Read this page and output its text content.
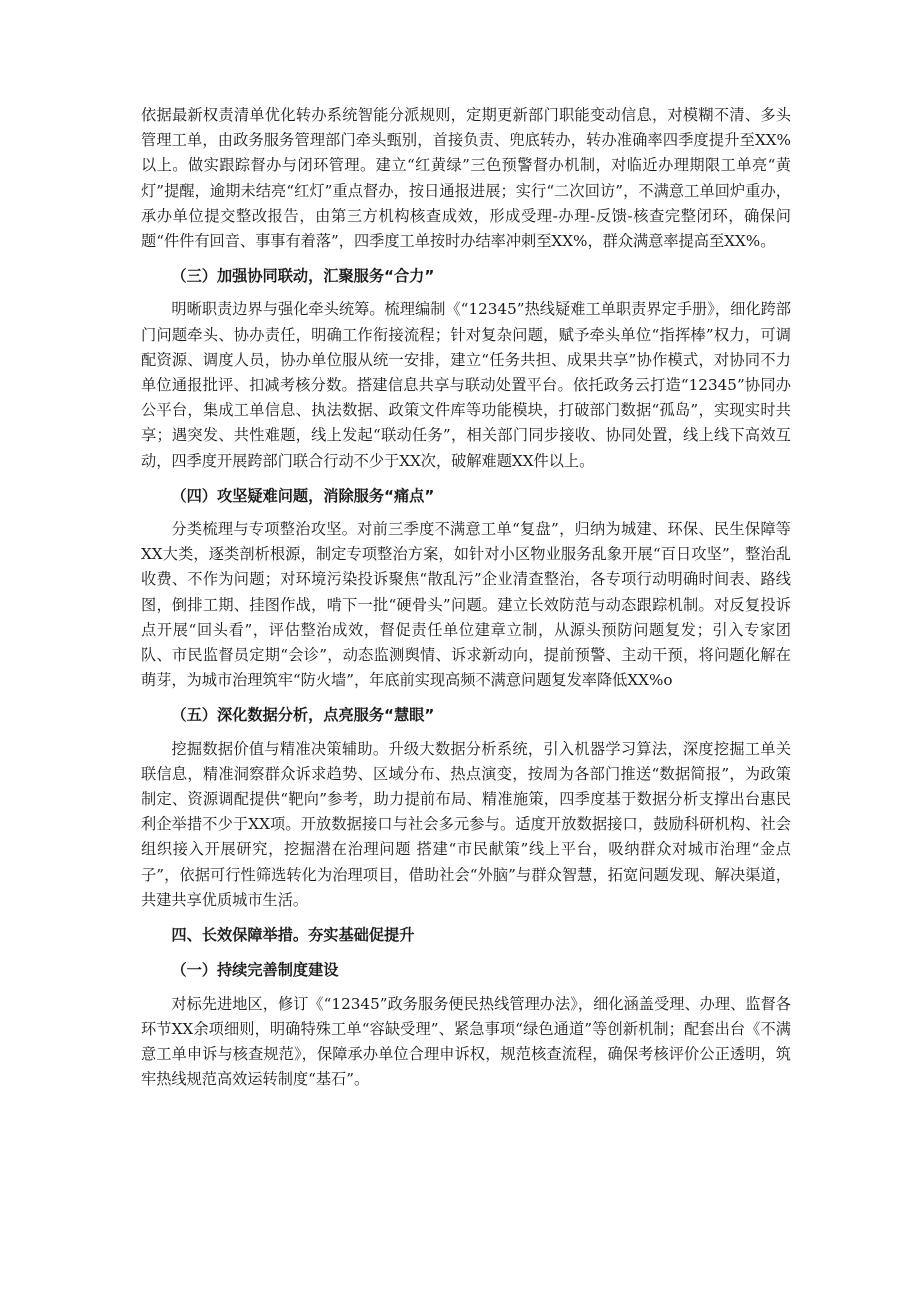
依据最新权责清单优化转办系统智能分派规则，定期更新部门职能变动信息，对模糊不清、多头管理工单，由政务服务管理部门牵头甄别，首接负责、兜底转办，转办准确率四季度提升至XX%以上。做实跟踪督办与闭环管理。建立“红黄绿”三色预警督办机制，对临近办理期限工单亮“黄灯”提醒，逾期未结亮“红灯”重点督办，按日通报进展；实行“二次回访”，不满意工单回炉重办，承办单位提交整改报告，由第三方机构核查成效，形成受理-办理-反馈-核查完整闭环，确保问题“件件有回音、事事有着落”，四季度工单按时办结率冲刺至XX%，群众满意率提高至XX%。

（三）加强协同联动，汇聚服务“合力”

明晰职责边界与强化牵头统筹。梳理编制《“12345”热线疑难工单职责界定手册》，细化跨部门问题牵头、协办责任，明确工作衔接流程；针对复杂问题，赋予牵头单位“指挥棒”权力，可调配资源、调度人员，协办单位服从统一安排，建立“任务共担、成果共享”协作模式，对协同不力单位通报批评、扣减考核分数。搭建信息共享与联动处置平台。依托政务云打造“12345”协同办公平台，集成工单信息、执法数据、政策文件库等功能模块，打破部门数据“孤岛”，实现实时共享；遇突发、共性难题，线上发起“联动任务”，相关部门同步接收、协同处置，线上线下高效互动，四季度开展跨部门联合行动不少于XX次，破解难题XX件以上。

（四）攻坚疑难问题，消除服务“痛点”

分类梳理与专项整治攻坚。对前三季度不满意工单“复盘”，归纳为城建、环保、民生保障等XX大类，逐类剖析根源，制定专项整治方案，如针对小区物业服务乱象开展“百日攻坚”，整治乱收费、不作为问题；对环境污染投诉聚焦“散乱污”企业清查整治，各专项行动明确时间表、路线图，倒排工期、挂图作战，啃下一批“硬骨头”问题。建立长效防范与动态跟踪机制。对反复投诉点开展“回头看”，评估整治成效，督促责任单位建章立制，从源头预防问题复发；引入专家团队、市民监督员定期“会诊”，动态监测舆情、诉求新动向，提前预警、主动干预，将问题化解在萌芽，为城市治理筑牢“防火墙”，年底前实现高频不满意问题复发率降低XX%o

（五）深化数据分析，点亮服务“慧眼”

挖掘数据价值与精准决策辅助。升级大数据分析系统，引入机器学习算法，深度挖掘工单关联信息，精准洞察群众诉求趋势、区域分布、热点演变，按周为各部门推送“数据简报”，为政策制定、资源调配提供“靶向”参考，助力提前布局、精准施策，四季度基于数据分析支撑出台惠民利企举措不少于XX项。开放数据接口与社会多元参与。适度开放数据接口，鼓励科研机构、社会组织接入开展研究，挖掘潜在治理问题 搭建“市民献策”线上平台，吸纳群众对城市治理“金点子”，依据可行性筛选转化为治理项目，借助社会“外脑”与群众智慧，拓宽问题发现、解决渠道，共建共享优质城市生活。

四、长效保障举措。夯实基础促提升
（一）持续完善制度建设

对标先进地区，修订《“12345”政务服务便民热线管理办法》，细化涵盖受理、办理、监督各环节XX余项细则，明确特殊工单“容缺受理”、紧急事项“绿色通道”等创新机制；配套出台《不满意工单申诉与核查规范》，保障承办单位合理申诉权，规范核查流程，确保考核评价公正透明，筑牢热线规范高效运转制度“基石”。
